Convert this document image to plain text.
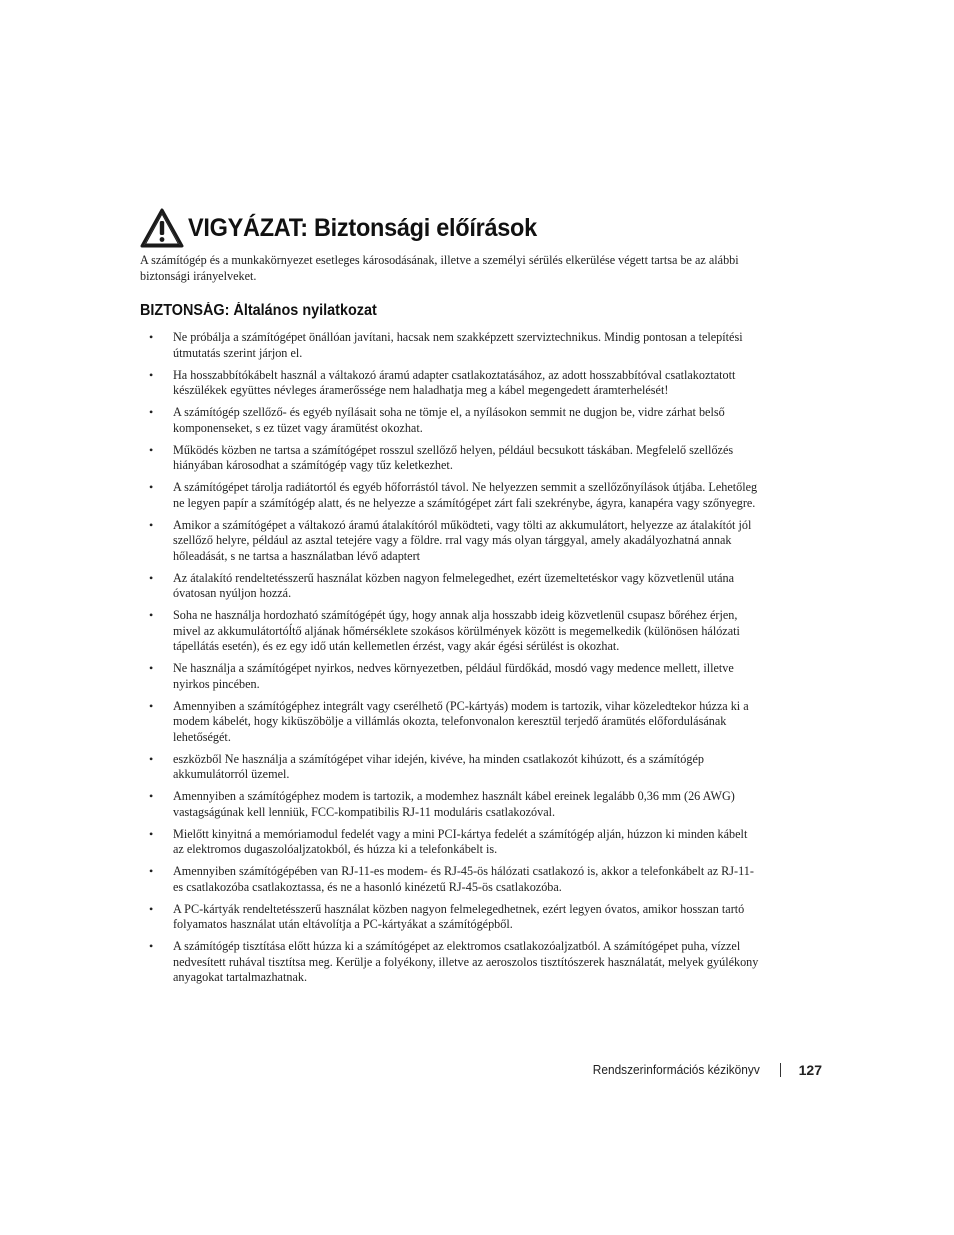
VIGYÁZAT: Biztonsági előírások
A számítógép és a munkakörnyezet esetleges károsodásának, illetve a személyi sérülés elkerülése végett tartsa be az alábbi biztonsági irányelveket.
BIZTONSÁG: Általános nyilatkozat
• Ne próbálja a számítógépet önállóan javítani, hacsak nem szakképzett szerviztechnikus. Mindig pontosan a telepítési útmutatás szerint járjon el.
• Ha hosszabbítókábelt használ a váltakozó áramú adapter csatlakoztatásához, az adott hosszabbítóval csatlakoztatott készülékek együttes névleges áramerőssége nem haladhatja meg a kábel megengedett áramterhelését!
• A számítógép szellőző- és egyéb nyílásait soha ne tömje el, a nyílásokon semmit ne dugjon be, vidre zárhat belső komponenseket, s ez tüzet vagy áramütést okozhat.
• Működés közben ne tartsa a számítógépet rosszul szellőző helyen, például becsukott táskában. Megfelelő szellőzés hiányában károsodhat a számítógép vagy tűz keletkezhet.
• A számítógépet tárolja radiátortól és egyéb hőforrástól távol. Ne helyezzen semmit a szellőzőnyílások útjába. Lehetőleg ne legyen papír a számítógép alatt, és ne helyezze a számítógépet zárt fali szekrénybe, ágyra, kanapéra vagy szőnyegre.
• Amikor a számítógépet a váltakozó áramú átalakítóról működteti, vagy tölti az akkumulátort, helyezze az átalakítót jól szellőző helyre, például az asztal tetejére vagy a földre. rral vagy más olyan tárggyal, amely akadályozhatná annak hőleadását, s ne tartsa a használatban lévő adaptert
• Az átalakító rendeltetésszerű használat közben nagyon felmelegedhet, ezért üzemeltetéskor vagy közvetlenül utána óvatosan nyúljon hozzá.
• Soha ne használja hordozható számítógépét úgy, hogy annak alja hosszabb ideig közvetlenül csupasz bőréhez érjen, mivel az akkumulátortóĺtő aljának hőmérséklete szokásos körülmények között is megemelkedik (különösen hálózati tápellátás esetén), és ez egy idő után kellemetlen érzést, vagy akár égési sérülést is okozhat.
• Ne használja a számítógépet nyirkos, nedves környezetben, például fürdőkád, mosdó vagy medence mellett, illetve nyirkos pincében.
• Amennyiben a számítógéphez integrált vagy cserélhető (PC-kártyás) modem is tartozik, vihar közeledtekor húzza ki a modem kábelét, hogy kiküszöbölje a villámlás okozta, telefonvonalon keresztül terjedő áramütés előfordulásának lehetőségét.
• eszközből Ne használja a számítógépet vihar idején, kivéve, ha minden csatlakozót kihúzott, és a számítógép akkumulátorról üzemel.
• Amennyiben a számítógéphez modem is tartozik, a modemhez használt kábel ereinek legalább 0,36 mm (26 AWG) vastagságúnak kell lenniük, FCC-kompatibilis RJ-11 moduláris csatlakozóval.
• Mielőtt kinyitná a memóriamodul fedelét vagy a mini PCI-kártya fedelét a számítógép alján, húzzon ki minden kábelt az elektromos dugaszolóaljzatokból, és húzza ki a telefonkábelt is.
• Amennyiben számítógépében van RJ-11-es modem- és RJ-45-ös hálózati csatlakozó is, akkor a telefonkábelt az RJ-11-es csatlakozóba csatlakoztassa, és ne a hasonló kinézetű RJ-45-ös csatlakozóba.
• A PC-kártyák rendeltetésszerű használat közben nagyon felmelegedhetnek, ezért legyen óvatos, amikor hosszan tartó folyamatos használat után eltávolítja a PC-kártyákat a számítógépből.
• A számítógép tisztítása előtt húzza ki a számítógépet az elektromos csatlakozóaljzatból. A számítógépet puha, vízzel nedvesített ruhával tisztítsa meg. Kerülje a folyékony, illetve az aeroszolos tisztítószerek használatát, melyek gyúlékony anyagokat tartalmazhatnak.
Rendszerinformációs kézikönyv	127
